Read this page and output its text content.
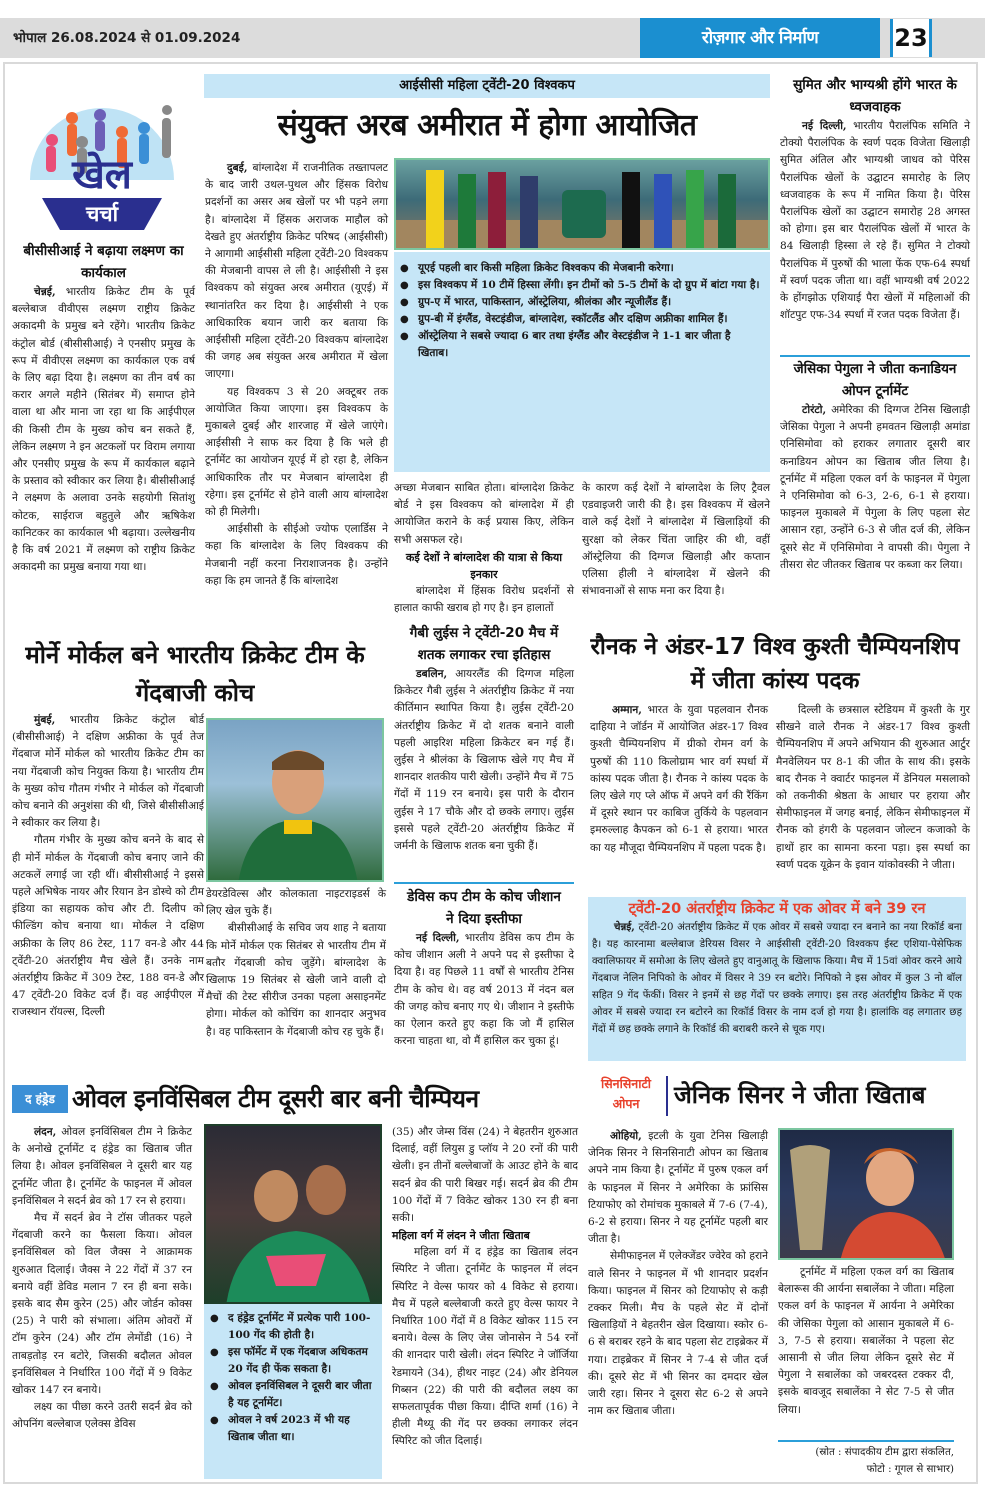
भोपाल 26.08.2024 से 01.09.2024	रोज़गार और निर्माण	23
खेल
चर्चा
बीसीसीआई ने बढ़ाया लक्ष्मण का कार्यकाल

चेन्नई, भारतीय क्रिकेट टीम के पूर्व बल्लेबाज वीवीएस लक्ष्मण राष्ट्रीय क्रिकेट अकादमी के प्रमुख बने रहेंगे। भारतीय क्रिकेट कंट्रोल बोर्ड (बीसीसीआई) ने एनसीए प्रमुख के रूप में वीवीएस लक्ष्मण का कार्यकाल एक वर्ष के लिए बढ़ा दिया है। लक्ष्मण का तीन वर्ष का करार अगले महीने (सितंबर में) समाप्त होने वाला था और माना जा रहा था कि आईपीएल की किसी टीम के मुख्य कोच बन सकते हैं, लेकिन लक्ष्मण ने इन अटकलों पर विराम लगाया और एनसीए प्रमुख के रूप में कार्यकाल बढ़ाने के प्रस्ताव को स्वीकार कर लिया है। बीसीसीआई ने लक्ष्मण के अलावा उनके सहयोगी सितांशु कोटक, साईराज बहुतुले और ऋषिकेश कानिटकर का कार्यकाल भी बढ़ाया। उल्लेखनीय है कि वर्ष 2021 में लक्ष्मण को राष्ट्रीय क्रिकेट अकादमी का प्रमुख बनाया गया था।

आईसीसी महिला ट्वेंटी-20 विश्वकप
संयुक्त अरब अमीरात में होगा आयोजित

दुबई, बांग्लादेश में राजनीतिक तख्तापलट के बाद जारी उथल-पुथल और हिंसक विरोध प्रदर्शनों का असर अब खेलों पर भी पड़ने लगा है। बांग्लादेश में हिंसक अराजक माहौल को देखते हुए अंतर्राष्ट्रीय क्रिकेट परिषद (आईसीसी) ने आगामी आईसीसी महिला ट्वेंटी-20 विश्वकप की मेजबानी वापस ले ली है। आईसीसी ने इस विश्वकप को संयुक्त अरब अमीरात (यूएई) में स्थानांतरित कर दिया है। आईसीसी ने एक आधिकारिक बयान जारी कर बताया कि आईसीसी महिला ट्वेंटी-20 विश्वकप बांग्लादेश की जगह अब संयुक्त अरब अमीरात में खेला जाएगा।

यह विश्वकप 3 से 20 अक्टूबर तक आयोजित किया जाएगा। इस विश्वकप के मुकाबले दुबई और शारजाह में खेले जाएंगे। आईसीसी ने साफ कर दिया है कि भले ही टूर्नामेंट का आयोजन यूएई में हो रहा है, लेकिन आधिकारिक तौर पर मेजबान बांग्लादेश ही रहेगा। इस टूर्नामेंट से होने वाली आय बांग्लादेश को ही मिलेगी।

आईसीसी के सीईओ ज्योफ एलार्डिस ने कहा कि बांग्लादेश के लिए विश्वकप की मेजबानी नहीं करना निराशाजनक है। उन्होंने कहा कि हम जानते हैं कि बांग्लादेश

● यूएई पहली बार किसी महिला क्रिकेट विश्वकप की मेजबानी करेगा।
● इस विश्वकप में 10 टीमें हिस्सा लेंगी। इन टीमों को 5-5 टीमों के दो ग्रुप में बांटा गया है।
● ग्रुप-ए में भारत, पाकिस्तान, ऑस्ट्रेलिया, श्रीलंका और न्यूजीलैंड हैं।
● ग्रुप-बी में इंग्लैंड, वेस्टइंडीज, बांग्लादेश, स्कॉटलैंड और दक्षिण अफ्रीका शामिल हैं।
● ऑस्ट्रेलिया ने सबसे ज्यादा 6 बार तथा इंग्लैंड और वेस्टइंडीज ने 1-1 बार जीता है खिताब।

अच्छा मेजबान साबित होता। बांग्लादेश क्रिकेट बोर्ड ने इस विश्वकप को बांग्लादेश में ही आयोजित कराने के कई प्रयास किए, लेकिन सभी असफल रहे।

कई देशों ने बांग्लादेश की यात्रा से किया इनकार

बांग्लादेश में हिंसक विरोध प्रदर्शनों से हालात काफी खराब हो गए है। इन हालातों

के कारण कई देशों ने बांग्लादेश के लिए ट्रैवल एडवाइजरी जारी की है। इस विश्वकप में खेलने वाले कई देशों ने बांग्लादेश में खिलाड़ियों की सुरक्षा को लेकर चिंता जाहिर की थी, वहीं ऑस्ट्रेलिया की दिग्गज खिलाड़ी और कप्तान एलिसा हीली ने बांग्लादेश में खेलने की संभावनाओं से साफ मना कर दिया है।

सुमित और भाग्यश्री होंगे भारत के ध्वजवाहक

नई दिल्ली, भारतीय पैरालंपिक समिति ने टोक्यो पैरालंपिक के स्वर्ण पदक विजेता खिलाड़ी सुमित अंतिल और भाग्यश्री जाधव को पेरिस पैरालंपिक खेलों के उद्घाटन समारोह के लिए ध्वजवाहक के रूप में नामित किया है। पेरिस पैरालंपिक खेलों का उद्घाटन समारोह 28 अगस्त को होगा। इस बार पैरालंपिक खेलों में भारत के 84 खिलाड़ी हिस्सा ले रहे हैं। सुमित ने टोक्यो पैरालंपिक में पुरुषों की भाला फेंक एफ-64 स्पर्धा में स्वर्ण पदक जीता था। वहीं भाग्यश्री वर्ष 2022 के होंगझोऊ एशियाई पैरा खेलों में महिलाओं की शॉटपुट एफ-34 स्पर्धा में रजत पदक विजेता हैं।

जेसिका पेगुला ने जीता कनाडियन ओपन टूर्नामेंट

टोरंटो, अमेरिका की दिग्गज टेनिस खिलाड़ी जेसिका पेगुला ने अपनी हमवतन खिलाड़ी अमांडा एनिसिमोवा को हराकर लगातार दूसरी बार कनाडियन ओपन का खिताब जीत लिया है। टूर्नामेंट में महिला एकल वर्ग के फाइनल में पेगुला ने एनिसिमोवा को 6-3, 2-6, 6-1 से हराया। फाइनल मुकाबले में पेगुला के लिए पहला सेट आसान रहा, उन्होंने 6-3 से जीत दर्ज की, लेकिन दूसरे सेट में एनिसिमोवा ने वापसी की। पेगुला ने तीसरा सेट जीतकर खिताब पर कब्जा कर लिया।

मोर्ने मोर्कल बने भारतीय क्रिकेट टीम के गेंदबाजी कोच

मुंबई, भारतीय क्रिकेट कंट्रोल बोर्ड (बीसीसीआई) ने दक्षिण अफ्रीका के पूर्व तेज गेंदबाज मोर्ने मोर्कल को भारतीय क्रिकेट टीम का नया गेंदबाजी कोच नियुक्त किया है। भारतीय टीम के मुख्य कोच गौतम गंभीर ने मोर्कल को गेंदबाजी कोच बनाने की अनुशंसा की थी, जिसे बीसीसीआई ने स्वीकार कर लिया है।

गौतम गंभीर के मुख्य कोच बनने के बाद से ही मोर्ने मोर्कल के गेंदबाजी कोच बनाए जाने की अटकलें लगाई जा रही थीं। बीसीसीआई ने इससे पहले अभिषेक नायर और रियान डेन डोस्चे को टीम इंडिया का सहायक कोच और टी. दिलीप को फील्डिंग कोच बनाया था। मोर्कल ने दक्षिण अफ्रीका के लिए 86 टेस्ट, 117 वन-डे और 44 ट्वेंटी-20 अंतर्राष्ट्रीय मैच खेले हैं। उनके नाम अंतर्राष्ट्रीय क्रिकेट में 309 टेस्ट, 188 वन-डे और 47 ट्वेंटी-20 विकेट दर्ज हैं। वह आईपीएल में राजस्थान रॉयल्स, दिल्ली

डेयरडेविल्स और कोलकाता नाइटराइडर्स के लिए खेल चुके हैं।

बीसीसीआई के सचिव जय शाह ने बताया कि मोर्ने मोर्कल एक सितंबर से भारतीय टीम में बतौर गेंदबाजी कोच जुड़ेंगे। बांग्लादेश के खिलाफ 19 सितंबर से खेली जाने वाली दो मैचों की टेस्ट सीरीज उनका पहला असाइनमेंट होगा। मोर्कल को कोचिंग का शानदार अनुभव है। वह पाकिस्तान के गेंदबाजी कोच रह चुके हैं।

गैबी लुईस ने ट्वेंटी-20 मैच में शतक लगाकर रचा इतिहास

डबलिन, आयरलैंड की दिग्गज महिला क्रिकेटर गैबी लुईस ने अंतर्राष्ट्रीय क्रिकेट में नया कीर्तिमान स्थापित किया है। लुईस ट्वेंटी-20 अंतर्राष्ट्रीय क्रिकेट में दो शतक बनाने वाली पहली आइरिश महिला क्रिकेटर बन गई हैं। लुईस ने श्रीलंका के खिलाफ खेले गए मैच में शानदार शतकीय पारी खेली। उन्होंने मैच में 75 गेंदों में 119 रन बनाये। इस पारी के दौरान लुईस ने 17 चौके और दो छक्के लगाए। लुईस इससे पहले ट्वेंटी-20 अंतर्राष्ट्रीय क्रिकेट में जर्मनी के खिलाफ शतक बना चुकी हैं।

डेविस कप टीम के कोच जीशान ने दिया इस्तीफा

नई दिल्ली, भारतीय डेविस कप टीम के कोच जीशान अली ने अपने पद से इस्तीफा दे दिया है। वह पिछले 11 वर्षों से भारतीय टेनिस टीम के कोच थे। वह वर्ष 2013 में नंदन बल की जगह कोच बनाए गए थे। जीशान ने इस्तीफे का ऐलान करते हुए कहा कि जो मैं हासिल करना चाहता था, वो मैं हासिल कर चुका हूं।

रौनक ने अंडर-17 विश्व कुश्ती चैम्पियनशिप में जीता कांस्य पदक

अम्मान, भारत के युवा पहलवान रौनक दाहिया ने जॉर्डन में आयोजित अंडर-17 विश्व कुश्ती चैम्पियनशिप में ग्रीको रोमन वर्ग के पुरुषों की 110 किलोग्राम भार वर्ग स्पर्धा में कांस्य पदक जीता है। रौनक ने कांस्य पदक के लिए खेले गए प्ले ऑफ में अपने वर्ग की रैंकिंग में दूसरे स्थान पर काबिज तुर्किये के पहलवान इमरुल्लाह कैपकन को 6-1 से हराया। भारत का यह मौजूदा चैम्पियनशिप में पहला पदक है।

दिल्ली के छत्रसाल स्टेडियम में कुश्ती के गुर सीखने वाले रौनक ने अंडर-17 विश्व कुश्ती चैम्पियनशिप में अपने अभियान की शुरुआत आर्टुर मैनवेलियन पर 8-1 की जीत के साथ की। इसके बाद रौनक ने क्वार्टर फाइनल में डेनियल मसलाको को तकनीकी श्रेष्ठता के आधार पर हराया और सेमीफाइनल में जगह बनाई, लेकिन सेमीफाइनल में रौनक को हंगरी के पहलवान जोल्टन कजाको के हाथों हार का सामना करना पड़ा। इस स्पर्धा का स्वर्ण पदक यूक्रेन के इवान यांकोवस्की ने जीता।

ट्वेंटी-20 अंतर्राष्ट्रीय क्रिकेट में एक ओवर में बने 39 रन

चेन्नई, ट्वेंटी-20 अंतर्राष्ट्रीय क्रिकेट में एक ओवर में सबसे ज्यादा रन बनाने का नया रिकॉर्ड बना है। यह कारनामा बल्लेबाज डेरियस विसर ने आईसीसी ट्वेंटी-20 विश्वकप ईस्ट एशिया-पेसेफिक क्वालिफायर में समोआ के लिए खेलते हुए वानुआतू के खिलाफ किया। मैच में 15वां ओवर करने आये गेंदबाज नेलिन निपिको के ओवर में विसर ने 39 रन बटोरे। निपिको ने इस ओवर में कुल 3 नो बॉल सहित 9 गेंद फेंकीं। विसर ने इनमें से छह गेंदों पर छक्के लगाए। इस तरह अंतर्राष्ट्रीय क्रिकेट में एक ओवर में सबसे ज्यादा रन बटोरने का रिकॉर्ड विसर के नाम दर्ज हो गया है। हालांकि वह लगातार छह गेंदों में छह छक्के लगाने के रिकॉर्ड की बराबरी करने से चूक गए।

द हंड्रेड ओवल इनविंसिबल टीम दूसरी बार बनी चैम्पियन

लंदन, ओवल इनविंसिबल टीम ने क्रिकेट के अनोखे टूर्नामेंट द हंड्रेड का खिताब जीत लिया है। ओवल इनविंसिबल ने दूसरी बार यह टूर्नामेंट जीता है। टूर्नामेंट के फाइनल में ओवल इनविंसिबल ने सदर्न ब्रेव को 17 रन से हराया।

मैच में सदर्न ब्रेव ने टॉस जीतकर पहले गेंदबाजी करने का फैसला किया। ओवल इनविंसिबल को विल जैक्स ने आक्रामक शुरुआत दिलाई। जैक्स ने 22 गेंदों में 37 रन बनाये वहीं डेविड मलान 7 रन ही बना सके। इसके बाद सैम कुरेन (25) और जोर्डन कोक्स (25) ने पारी को संभाला। अंतिम ओवरों में टॉम कुरेन (24) और टॉम लेमोंडी (16) ने ताबड़तोड़ रन बटोरे, जिसकी बदौलत ओवल इनविंसिबल ने निर्धारित 100 गेंदों में 9 विकेट खोकर 147 रन बनाये।

लक्ष्य का पीछा करने उतरी सदर्न ब्रेव को ओपनिंग बल्लेबाज एलेक्स डेविस

● द हंड्रेड टूर्नामेंट में प्रत्येक पारी 100-100 गेंद की होती है।
● इस फॉर्मेट में एक गेंदबाज अधिकतम 20 गेंद ही फेंक सकता है।
● ओवल इनविंसिबल ने दूसरी बार जीता है यह टूर्नामेंट।
● ओवल ने वर्ष 2023 में भी यह खिताब जीता था।

(35) और जेम्स विंस (24) ने बेहतरीन शुरुआत दिलाई, वहीं लियुस डु प्लॉय ने 20 रनों की पारी खेली। इन तीनों बल्लेबाजों के आउट होने के बाद सदर्न ब्रेव की पारी बिखर गई। सदर्न ब्रेव की टीम 100 गेंदों में 7 विकेट खोकर 130 रन ही बना सकी।

महिला वर्ग में लंदन ने जीता खिताब

महिला वर्ग में द हंड्रेड का खिताब लंदन स्पिरिट ने जीता। टूर्नामेंट के फाइनल में लंदन स्पिरिट ने वेल्स फायर को 4 विकेट से हराया। मैच में पहले बल्लेबाजी करते हुए वेल्स फायर ने निर्धारित 100 गेंदों में 8 विकेट खोकर 115 रन बनाये। वेल्स के लिए जेस जोनासेन ने 54 रनों की शानदार पारी खेली। लंदन स्पिरिट ने जॉर्जिया रेडमायने (34), हीथर नाइट (24) और डेनियल गिब्सन (22) की पारी की बदौलत लक्ष्य का सफलतापूर्वक पीछा किया। दीप्ति शर्मा (16) ने हीली मैथ्यू की गेंद पर छक्का लगाकर लंदन स्पिरिट को जीत दिलाई।

सिनसिनाटी
ओपन	जेनिक सिनर ने जीता खिताब

ओहियो, इटली के युवा टेनिस खिलाड़ी जेनिक सिनर ने सिनसिनाटी ओपन का खिताब अपने नाम किया है। टूर्नामेंट में पुरुष एकल वर्ग के फाइनल में सिनर ने अमेरिका के फ्रांसिस टियाफोए को रोमांचक मुकाबले में 7-6 (7-4), 6-2 से हराया। सिनर ने यह टूर्नामेंट पहली बार जीता है।

सेमीफाइनल में एलेक्जेंडर ज्वेरेव को हराने वाले सिनर ने फाइनल में भी शानदार प्रदर्शन किया। फाइनल में सिनर को टियाफोए से कड़ी टक्कर मिली। मैच के पहले सेट में दोनों खिलाड़ियों ने बेहतरीन खेल दिखाया। स्कोर 6-6 से बराबर रहने के बाद पहला सेट टाइब्रेकर में गया। टाइब्रेकर में सिनर ने 7-4 से जीत दर्ज की। दूसरे सेट में भी सिनर का दमदार खेल जारी रहा। सिनर ने दूसरा सेट 6-2 से अपने नाम कर खिताब जीता।

टूर्नामेंट में महिला एकल वर्ग का खिताब बेलारूस की आर्यना सबालेंका ने जीता। महिला एकल वर्ग के फाइनल में आर्यना ने अमेरिका की जेसिका पेगुला को आसान मुकाबले में 6-3, 7-5 से हराया। सबालेंका ने पहला सेट आसानी से जीत लिया लेकिन दूसरे सेट में पेगुला ने सबालेंका को जबरदस्त टक्कर दी, इसके बावजूद सबालेंका ने सेट 7-5 से जीत लिया।

(स्रोत : संपादकीय टीम द्वारा संकलित,
फोटो : गूगल से साभार)
